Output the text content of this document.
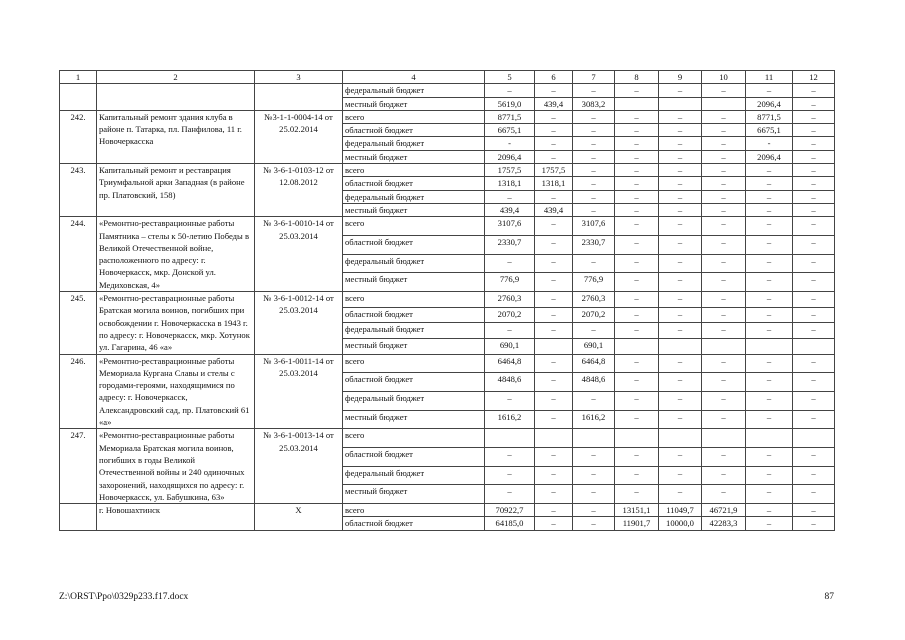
1	2	3	4	5	6	7	8	9	10	11	12
			федеральный бюджет	–	–	–	–	–	–	–	–
			местный бюджет	5619,0	439,4	3083,2				2096,4	–
242.	Капитальный ремонт здания клуба в районе п. Татарка, пл. Панфилова, 11 г. Новочеркасска	№3-1-1-0004-14 от 25.02.2014	всего	8771,5	–	–	–	–	–	8771,5	–
			областной бюджет	6675,1	–	–	–	–	–	6675,1	–
			федеральный бюджет	-	–	–	–	–	–	-	–
			местный бюджет	2096,4	–	–	–	–	–	2096,4	–
243.	Капитальный ремонт и реставрация Триумфальной арки Западная (в районе пр. Платовский, 158)	№ 3-6-1-0103-12 от 12.08.2012	всего	1757,5	1757,5	–	–	–	–	–	–
			областной бюджет	1318,1	1318,1	–	–	–	–	–	–
			федеральный бюджет	–	–	–	–	–	–	–	–
			местный бюджет	439,4	439,4	–	–	–	–	–	–
244.	«Ремонтно-реставрационные работы Памятника – стелы к 50-летию Победы в Великой Отечественной войне, расположенного по адресу: г. Новочеркасск, мкр. Донской ул. Медиховская, 4»	№ 3-6-1-0010-14 от 25.03.2014	всего	3107,6	–	3107,6	–	–	–	–	–
			областной бюджет	2330,7	–	2330,7	–	–	–	–	–
			федеральный бюджет	–	–	–	–	–	–	–	–
			местный бюджет	776,9	–	776,9	–	–	–	–	–
245.	«Ремонтно-реставрационные работы Братская могила воинов, погибших при освобождении г. Новочеркасска в 1943 г. по адресу: г. Новочеркасск, мкр. Хотунок ул. Гагарина, 46 «а»	№ 3-6-1-0012-14 от 25.03.2014	всего	2760,3	–	2760,3	–	–	–	–	–
			областной бюджет	2070,2	–	2070,2	–	–	–	–	–
			федеральный бюджет	–	–	–	–	–	–	–	–
			местный бюджет	690,1		690,1					
246.	«Ремонтно-реставрационные работы Мемориала Кургана Славы и стелы с городами-героями, находящимися по адресу: г. Новочеркасск, Александровский сад, пр. Платовский 61 «а»	№ 3-6-1-0011-14 от 25.03.2014	всего	6464,8	–	6464,8	–	–	–	–	–
			областной бюджет	4848,6	–	4848,6	–	–	–	–	–
			федеральный бюджет	–	–	–	–	–	–	–	–
			местный бюджет	1616,2	–	1616,2	–	–	–	–	–
247.	«Ремонтно-реставрационные работы Мемориала Братская могила воинов, погибших в годы Великой Отечественной войны и 240 одиночных захоронений, находящихся по адресу: г. Новочеркасск, ул. Бабушкина, 63»	№ 3-6-1-0013-14 от 25.03.2014	всего								
			областной бюджет	–	–	–	–	–	–	–	–
			федеральный бюджет	–	–	–	–	–	–	–	–
			местный бюджет	–	–	–	–	–	–	–	–
	г. Новошахтинск	Х	всего	70922,7	–	–	13151,1	11049,7	46721,9	–	–
			областной бюджет	64185,0	–	–	11901,7	10000,0	42283,3	–	–
Z:\ORST\Ppo\0329p233.f17.docx	87
